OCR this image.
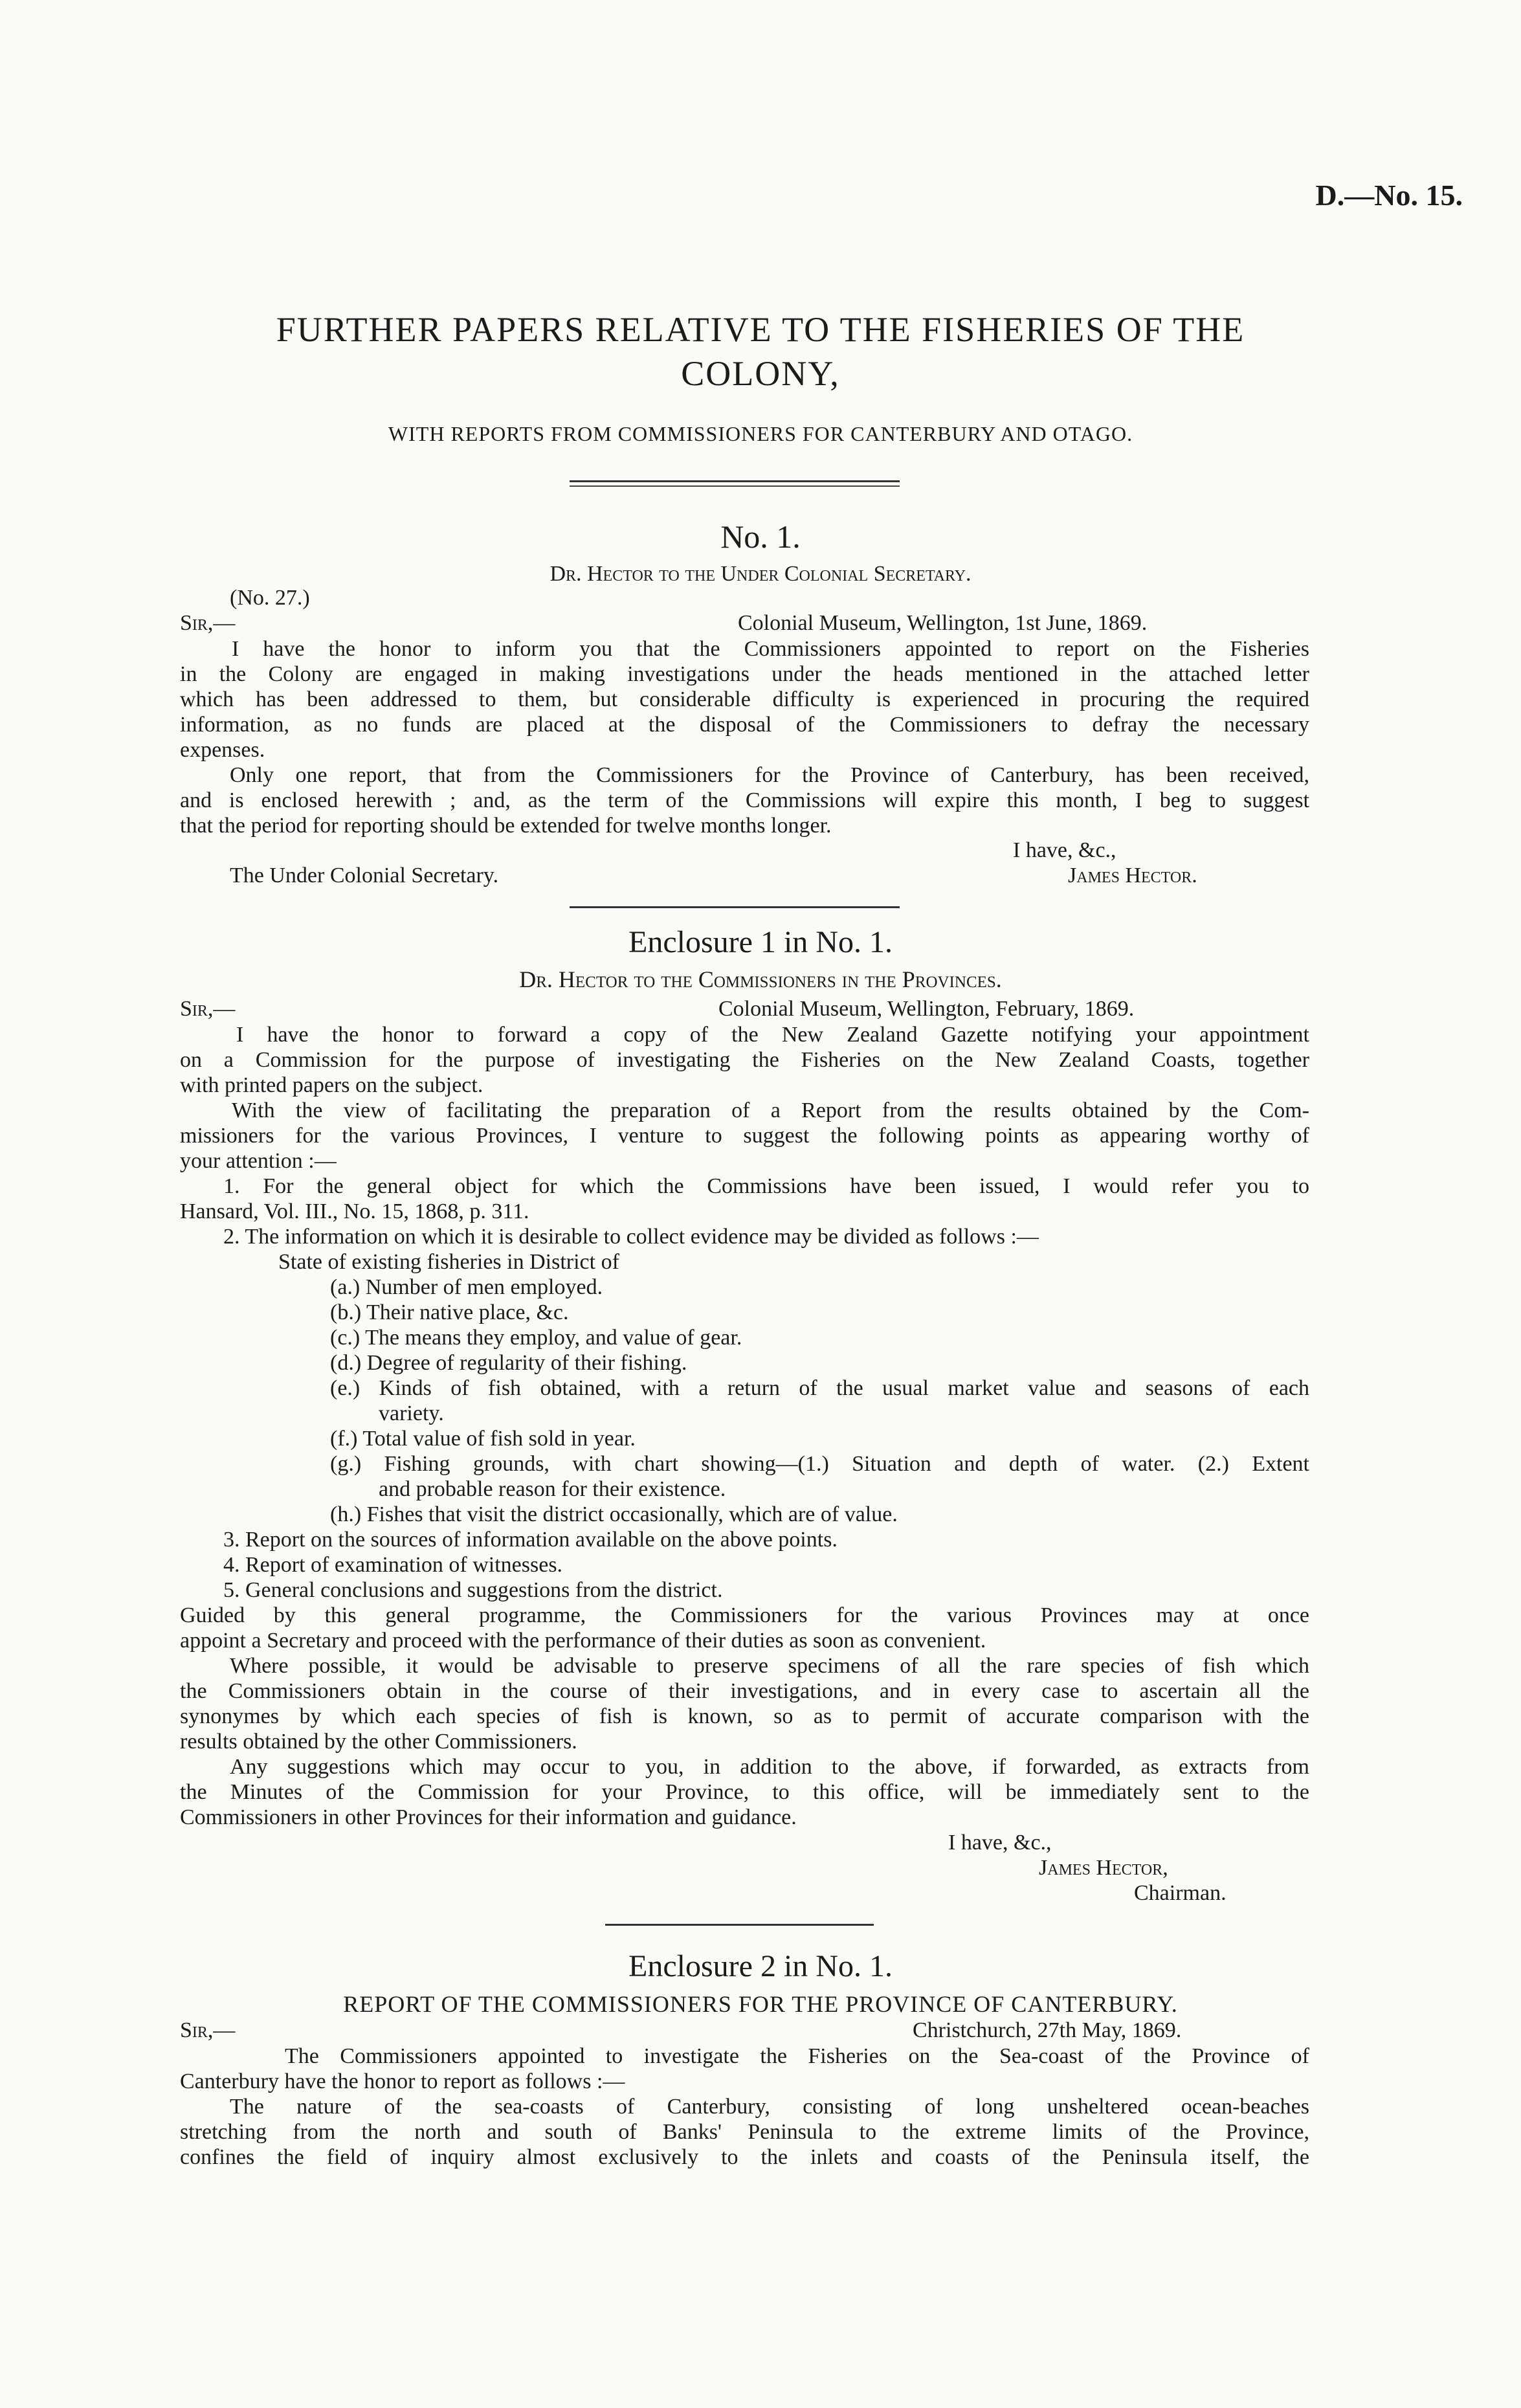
D.—No. 15.
FURTHER PAPERS RELATIVE TO THE FISHERIES OF THE
COLONY,
WITH REPORTS FROM COMMISSIONERS FOR CANTERBURY AND OTAGO.
No. 1.
Dr. Hector to the Under Colonial Secretary.
(No. 27.)
Sir,—	Colonial Museum, Wellington, 1st June, 1869.
I have the honor to inform you that the Commissioners appointed to report on the Fisheries
in the Colony are engaged in making investigations under the heads mentioned in the attached letter
which has been addressed to them, but considerable difficulty is experienced in procuring the required
information, as no funds are placed at the disposal of the Commissioners to defray the necessary
expenses.
Only one report, that from the Commissioners for the Province of Canterbury, has been received,
and is enclosed herewith ; and, as the term of the Commissions will expire this month, I beg to suggest
that the period for reporting should be extended for twelve months longer.
I have, &c.,
The Under Colonial Secretary.	James Hector.
Enclosure 1 in No. 1.
Dr. Hector to the Commissioners in the Provinces.
Sir,—	Colonial Museum, Wellington, February, 1869.
I have the honor to forward a copy of the New Zealand Gazette notifying your appointment
on a Commission for the purpose of investigating the Fisheries on the New Zealand Coasts, together
with printed papers on the subject.
With the view of facilitating the preparation of a Report from the results obtained by the Com-
missioners for the various Provinces, I venture to suggest the following points as appearing worthy of
your attention :—
1. For the general object for which the Commissions have been issued, I would refer you to
Hansard, Vol. III., No. 15, 1868, p. 311.
2. The information on which it is desirable to collect evidence may be divided as follows :—
State of existing fisheries in District of
(a.) Number of men employed.
(b.) Their native place, &c.
(c.) The means they employ, and value of gear.
(d.) Degree of regularity of their fishing.
(e.) Kinds of fish obtained, with a return of the usual market value and seasons of each
variety.
(f.) Total value of fish sold in year.
(g.) Fishing grounds, with chart showing—(1.) Situation and depth of water. (2.) Extent
and probable reason for their existence.
(h.) Fishes that visit the district occasionally, which are of value.
3. Report on the sources of information available on the above points.
4. Report of examination of witnesses.
5. General conclusions and suggestions from the district.
Guided by this general programme, the Commissioners for the various Provinces may at once
appoint a Secretary and proceed with the performance of their duties as soon as convenient.
Where possible, it would be advisable to preserve specimens of all the rare species of fish which
the Commissioners obtain in the course of their investigations, and in every case to ascertain all the
synonymes by which each species of fish is known, so as to permit of accurate comparison with the
results obtained by the other Commissioners.
Any suggestions which may occur to you, in addition to the above, if forwarded, as extracts from
the Minutes of the Commission for your Province, to this office, will be immediately sent to the
Commissioners in other Provinces for their information and guidance.
I have, &c.,
James Hector,
Chairman.
Enclosure 2 in No. 1.
REPORT OF THE COMMISSIONERS FOR THE PROVINCE OF CANTERBURY.
Sir,—	Christchurch, 27th May, 1869.
The Commissioners appointed to investigate the Fisheries on the Sea-coast of the Province of
Canterbury have the honor to report as follows :—
The nature of the sea-coasts of Canterbury, consisting of long unsheltered ocean-beaches
stretching from the north and south of Banks' Peninsula to the extreme limits of the Province,
confines the field of inquiry almost exclusively to the inlets and coasts of the Peninsula itself, the
